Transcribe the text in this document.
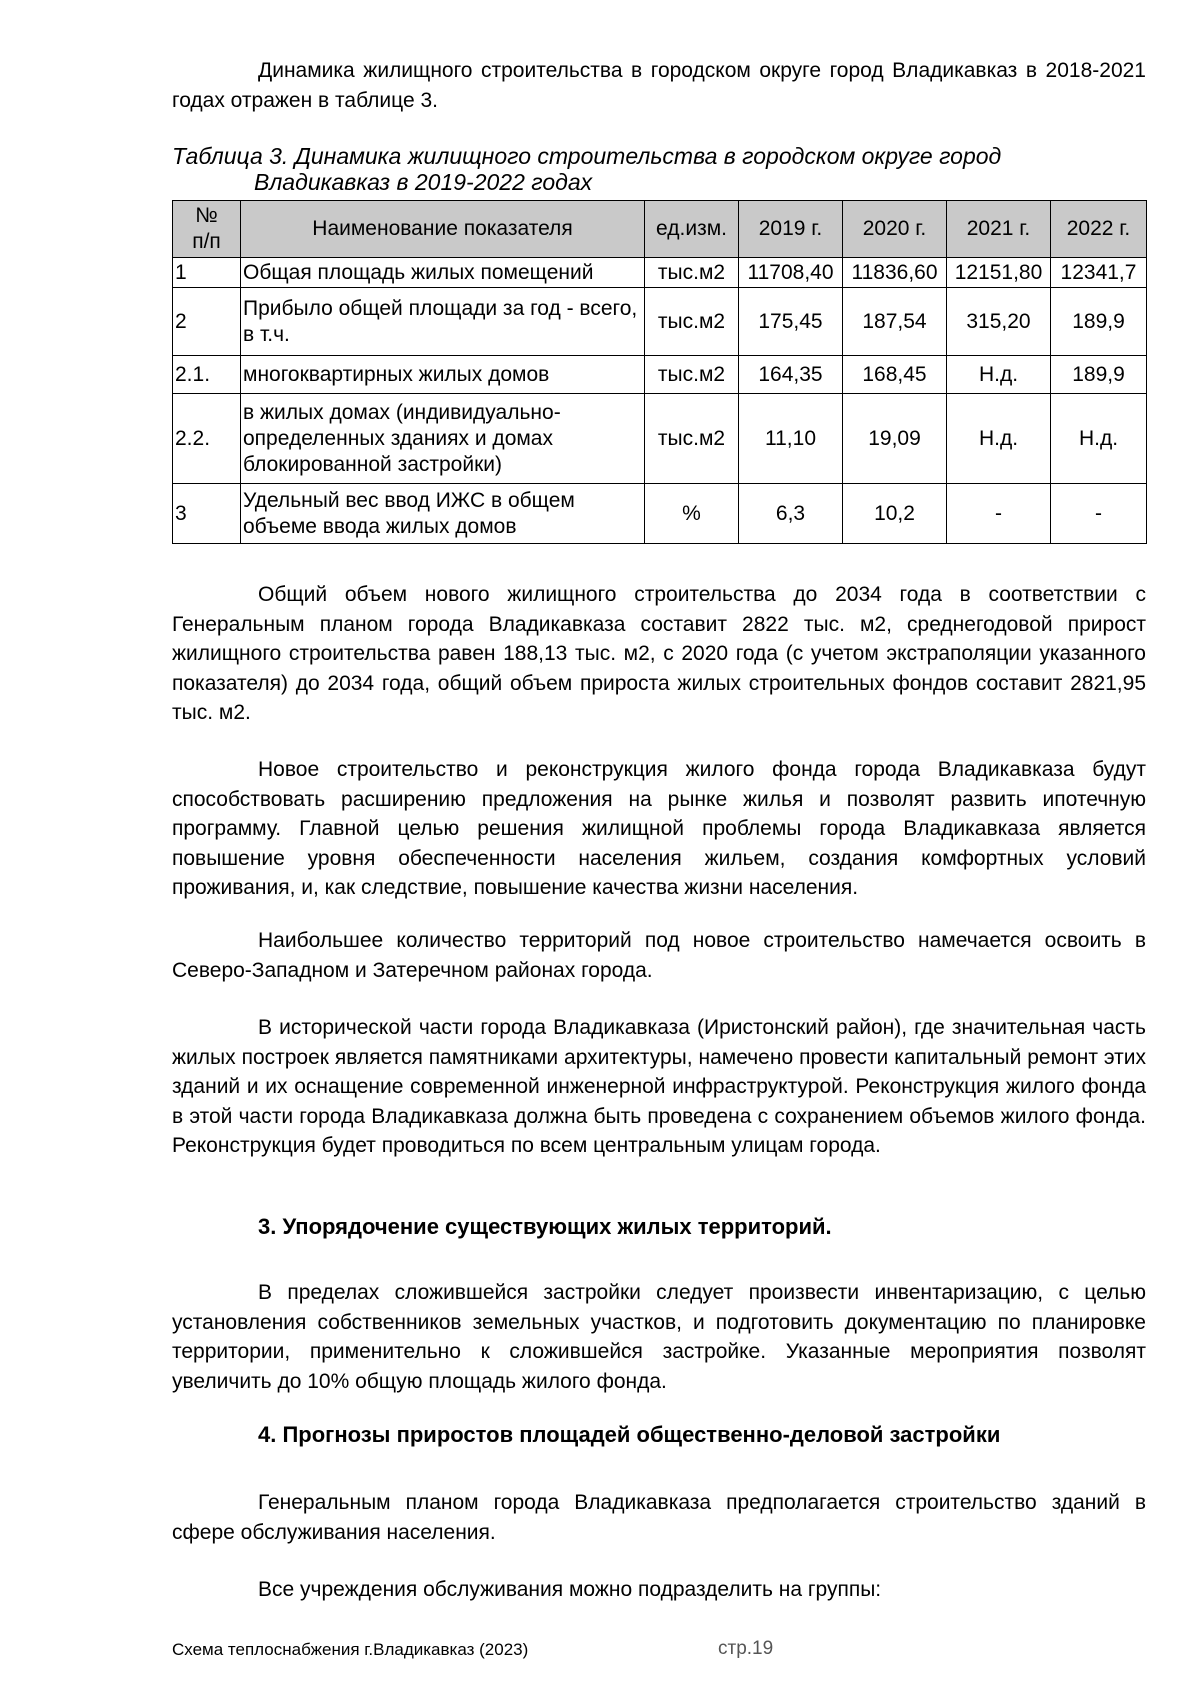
Динамика жилищного строительства в городском округе город Владикавказ в 2018-2021 годах отражен в таблице 3.

Таблица 3. Динамика жилищного строительства в городском округе город
Владикавказ в 2019-2022 годах
№
п/п	Наименование показателя	ед.изм.	2019 г.	2020 г.	2021 г.	2022 г.
1	Общая площадь жилых помещений	тыс.м2	11708,40	11836,60	12151,80	12341,7
2	Прибыло общей площади за год - всего, в т.ч.	тыс.м2	175,45	187,54	315,20	189,9
2.1.	многоквартирных жилых домов	тыс.м2	164,35	168,45	Н.д.	189,9
2.2.	в жилых домах (индивидуально-определенных зданиях и домах блокированной застройки)	тыс.м2	11,10	19,09	Н.д.	Н.д.
3	Удельный вес ввод ИЖС в общем объеме ввода жилых домов	%	6,3	10,2	-	-

Общий объем нового жилищного строительства до 2034 года в соответствии с Генеральным планом города Владикавказа составит 2822 тыс. м2, среднегодовой прирост жилищного строительства равен 188,13 тыс. м2, с 2020 года (с учетом экстраполяции указанного показателя) до 2034 года, общий объем прироста жилых строительных фондов составит 2821,95 тыс. м2.

Новое строительство и реконструкция жилого фонда города Владикавказа будут способствовать расширению предложения на рынке жилья и позволят развить ипотечную программу. Главной целью решения жилищной проблемы города Владикавказа является повышение уровня обеспеченности населения жильем, создания комфортных условий проживания, и, как следствие, повышение качества жизни населения.

Наибольшее количество территорий под новое строительство намечается освоить в Северо-Западном и Затеречном районах города.

В исторической части города Владикавказа (Иристонский район), где значительная часть жилых построек является памятниками архитектуры, намечено провести капитальный ремонт этих зданий и их оснащение современной инженерной инфраструктурой. Реконструкция жилого фонда в этой части города Владикавказа должна быть проведена с сохранением объемов жилого фонда. Реконструкция будет проводиться по всем центральным улицам города.

3. Упорядочение существующих жилых территорий.

В пределах сложившейся застройки следует произвести инвентаризацию, с целью установления собственников земельных участков, и подготовить документацию по планировке территории, применительно к сложившейся застройке. Указанные мероприятия позволят увеличить до 10% общую площадь жилого фонда.

4. Прогнозы приростов площадей общественно-деловой застройки

Генеральным планом города Владикавказа предполагается строительство зданий в сфере обслуживания населения.

Все учреждения обслуживания можно подразделить на группы:

Схема теплоснабжения г.Владикавказ (2023)	стр.19
